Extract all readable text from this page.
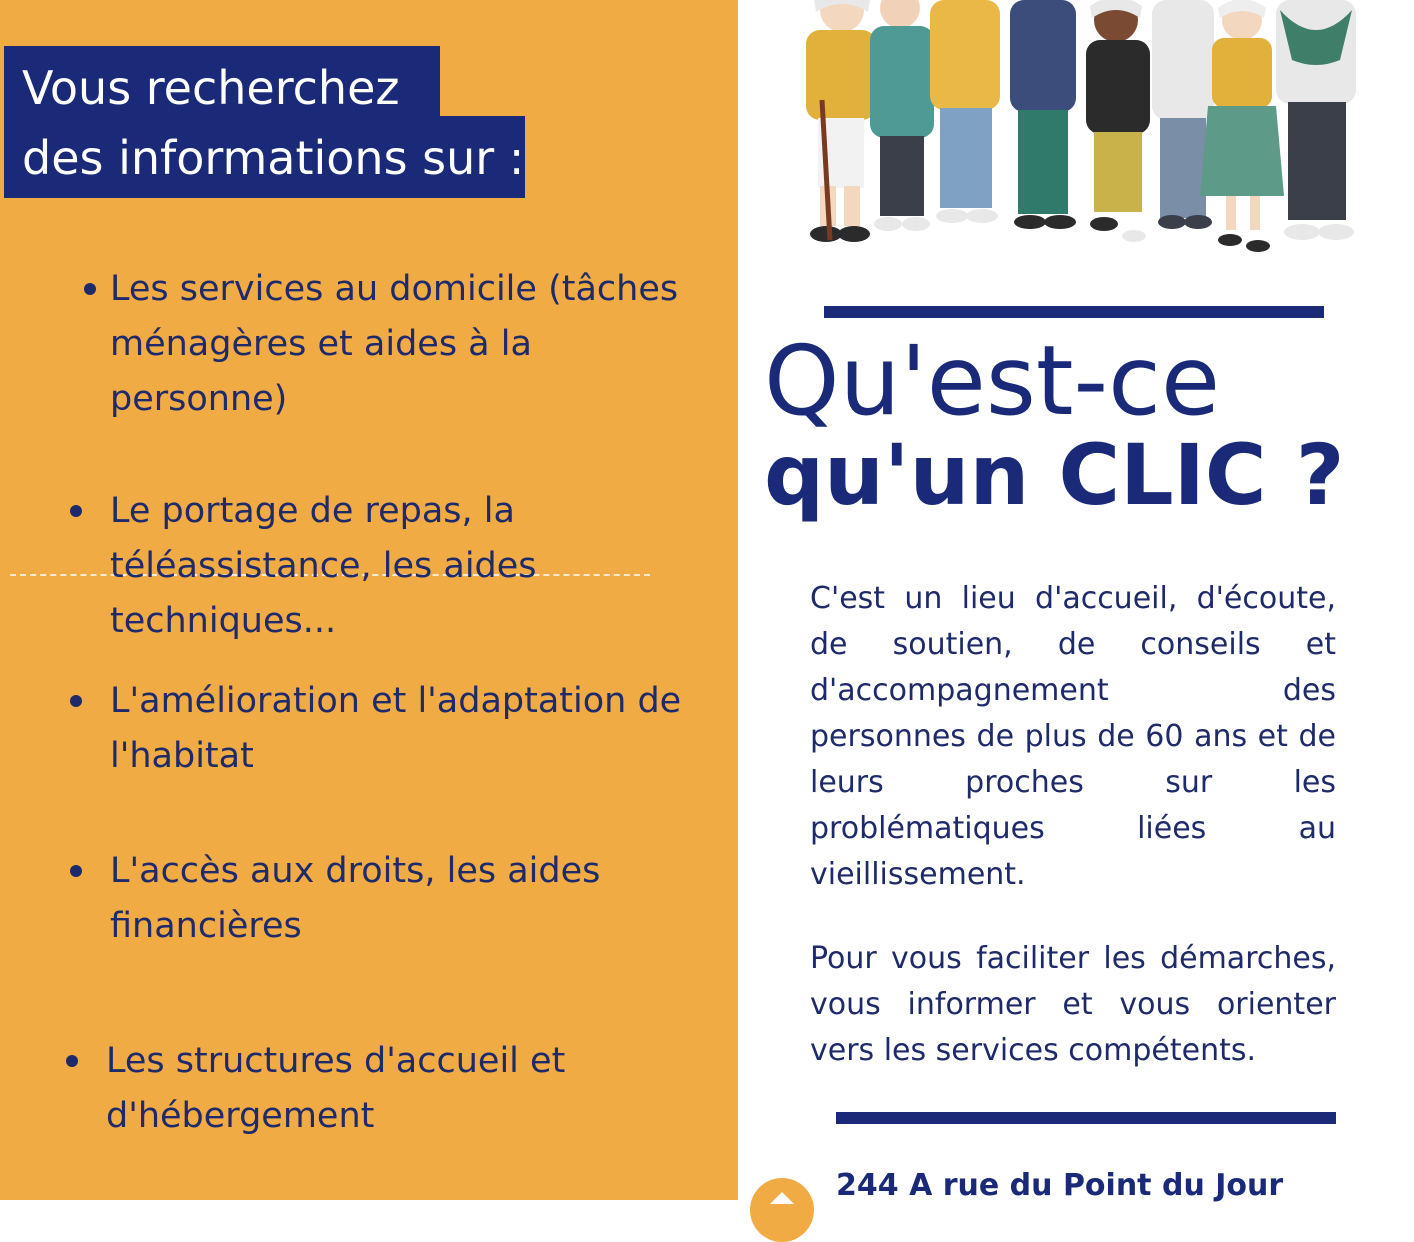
Vous recherchez
des informations sur :
Les services au domicile (tâches ménagères et aides à la personne)
Le portage de repas, la téléassistance, les aides techniques...
L'amélioration et l'adaptation de l'habitat
L'accès aux droits, les aides financières
Les structures d'accueil et d'hébergement
Qu'est-ce
qu'un CLIC ?

C'est un lieu d'accueil, d'écoute, de soutien, de conseils et d'accompagnement des personnes de plus de 60 ans et de leurs proches sur les problématiques liées au vieillissement.

Pour vous faciliter les démarches, vous informer et vous orienter vers les services compétents.

244 A rue du Point du Jour
